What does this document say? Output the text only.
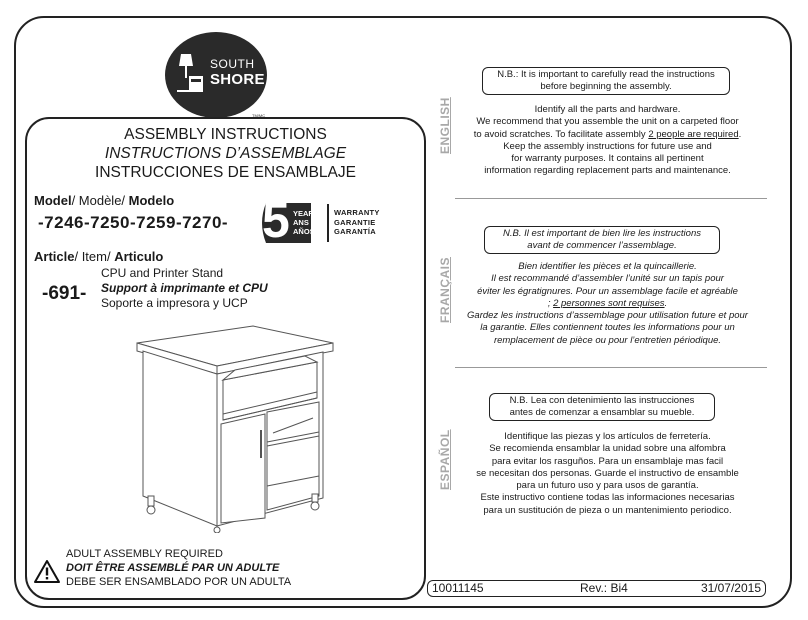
SOUTH
SHORE
TM/MC
ASSEMBLY INSTRUCTIONS
INSTRUCTIONS D’ASSEMBLAGE
INSTRUCCIONES DE ENSAMBLAJE
Model/ Modèle/ Modelo
-7246-7250-7259-7270- 5 YEARS
ANS
AÑOS
WARRANTY
GARANTIE
GARANTÍA
Article/ Item/ Articulo
-691-
CPU and Printer Stand
Support à imprimante et CPU
Soporte a impresora y UCP
ADULT ASSEMBLY REQUIRED
DOIT ÊTRE ASSEMBLÉ PAR UN ADULTE
DEBE SER ENSAMBLADO POR UN ADULTA
ENGLISH
N.B.: It is important to carefully read the instructions
before beginning the assembly.
Identify all the parts and hardware.
We recommend that you assemble the unit on a carpeted floor
to avoid scratches. To facilitate assembly 2 people are required.
Keep the assembly instructions for future use and
for warranty purposes. It contains all pertinent
information regarding replacement parts and maintenance.
FRANÇAIS
N.B. Il est important de bien lire les instructions
avant de commencer l’assemblage.
Bien identifier les pièces et la quincaillerie.
Il est recommandé d’assembler l’unité sur un tapis pour
éviter les égratignures. Pour un assemblage facile et agréable
; 2 personnes sont requises.
Gardez les instructions d’assemblage pour utilisation future et pour
la garantie. Elles contiennent toutes les informations pour un
remplacement de pièce ou pour l’entretien périodique.
ESPAÑOL
N.B. Lea con detenimiento las instrucciones
antes de comenzar a ensamblar su mueble.
Identifique las piezas y los artículos de ferretería.
Se recomienda ensamblar la unidad sobre una alfombra
para evitar los rasguños. Para un ensamblaje mas facil
se necesitan dos personas. Guarde el instructivo de ensamble
para un futuro uso y para usos de garantía.
Este instructivo contiene todas las informaciones necesarias
para un sustitución de pieza o un mantenimiento periodico.
10011145	Rev.: Bi4	31/07/2015
